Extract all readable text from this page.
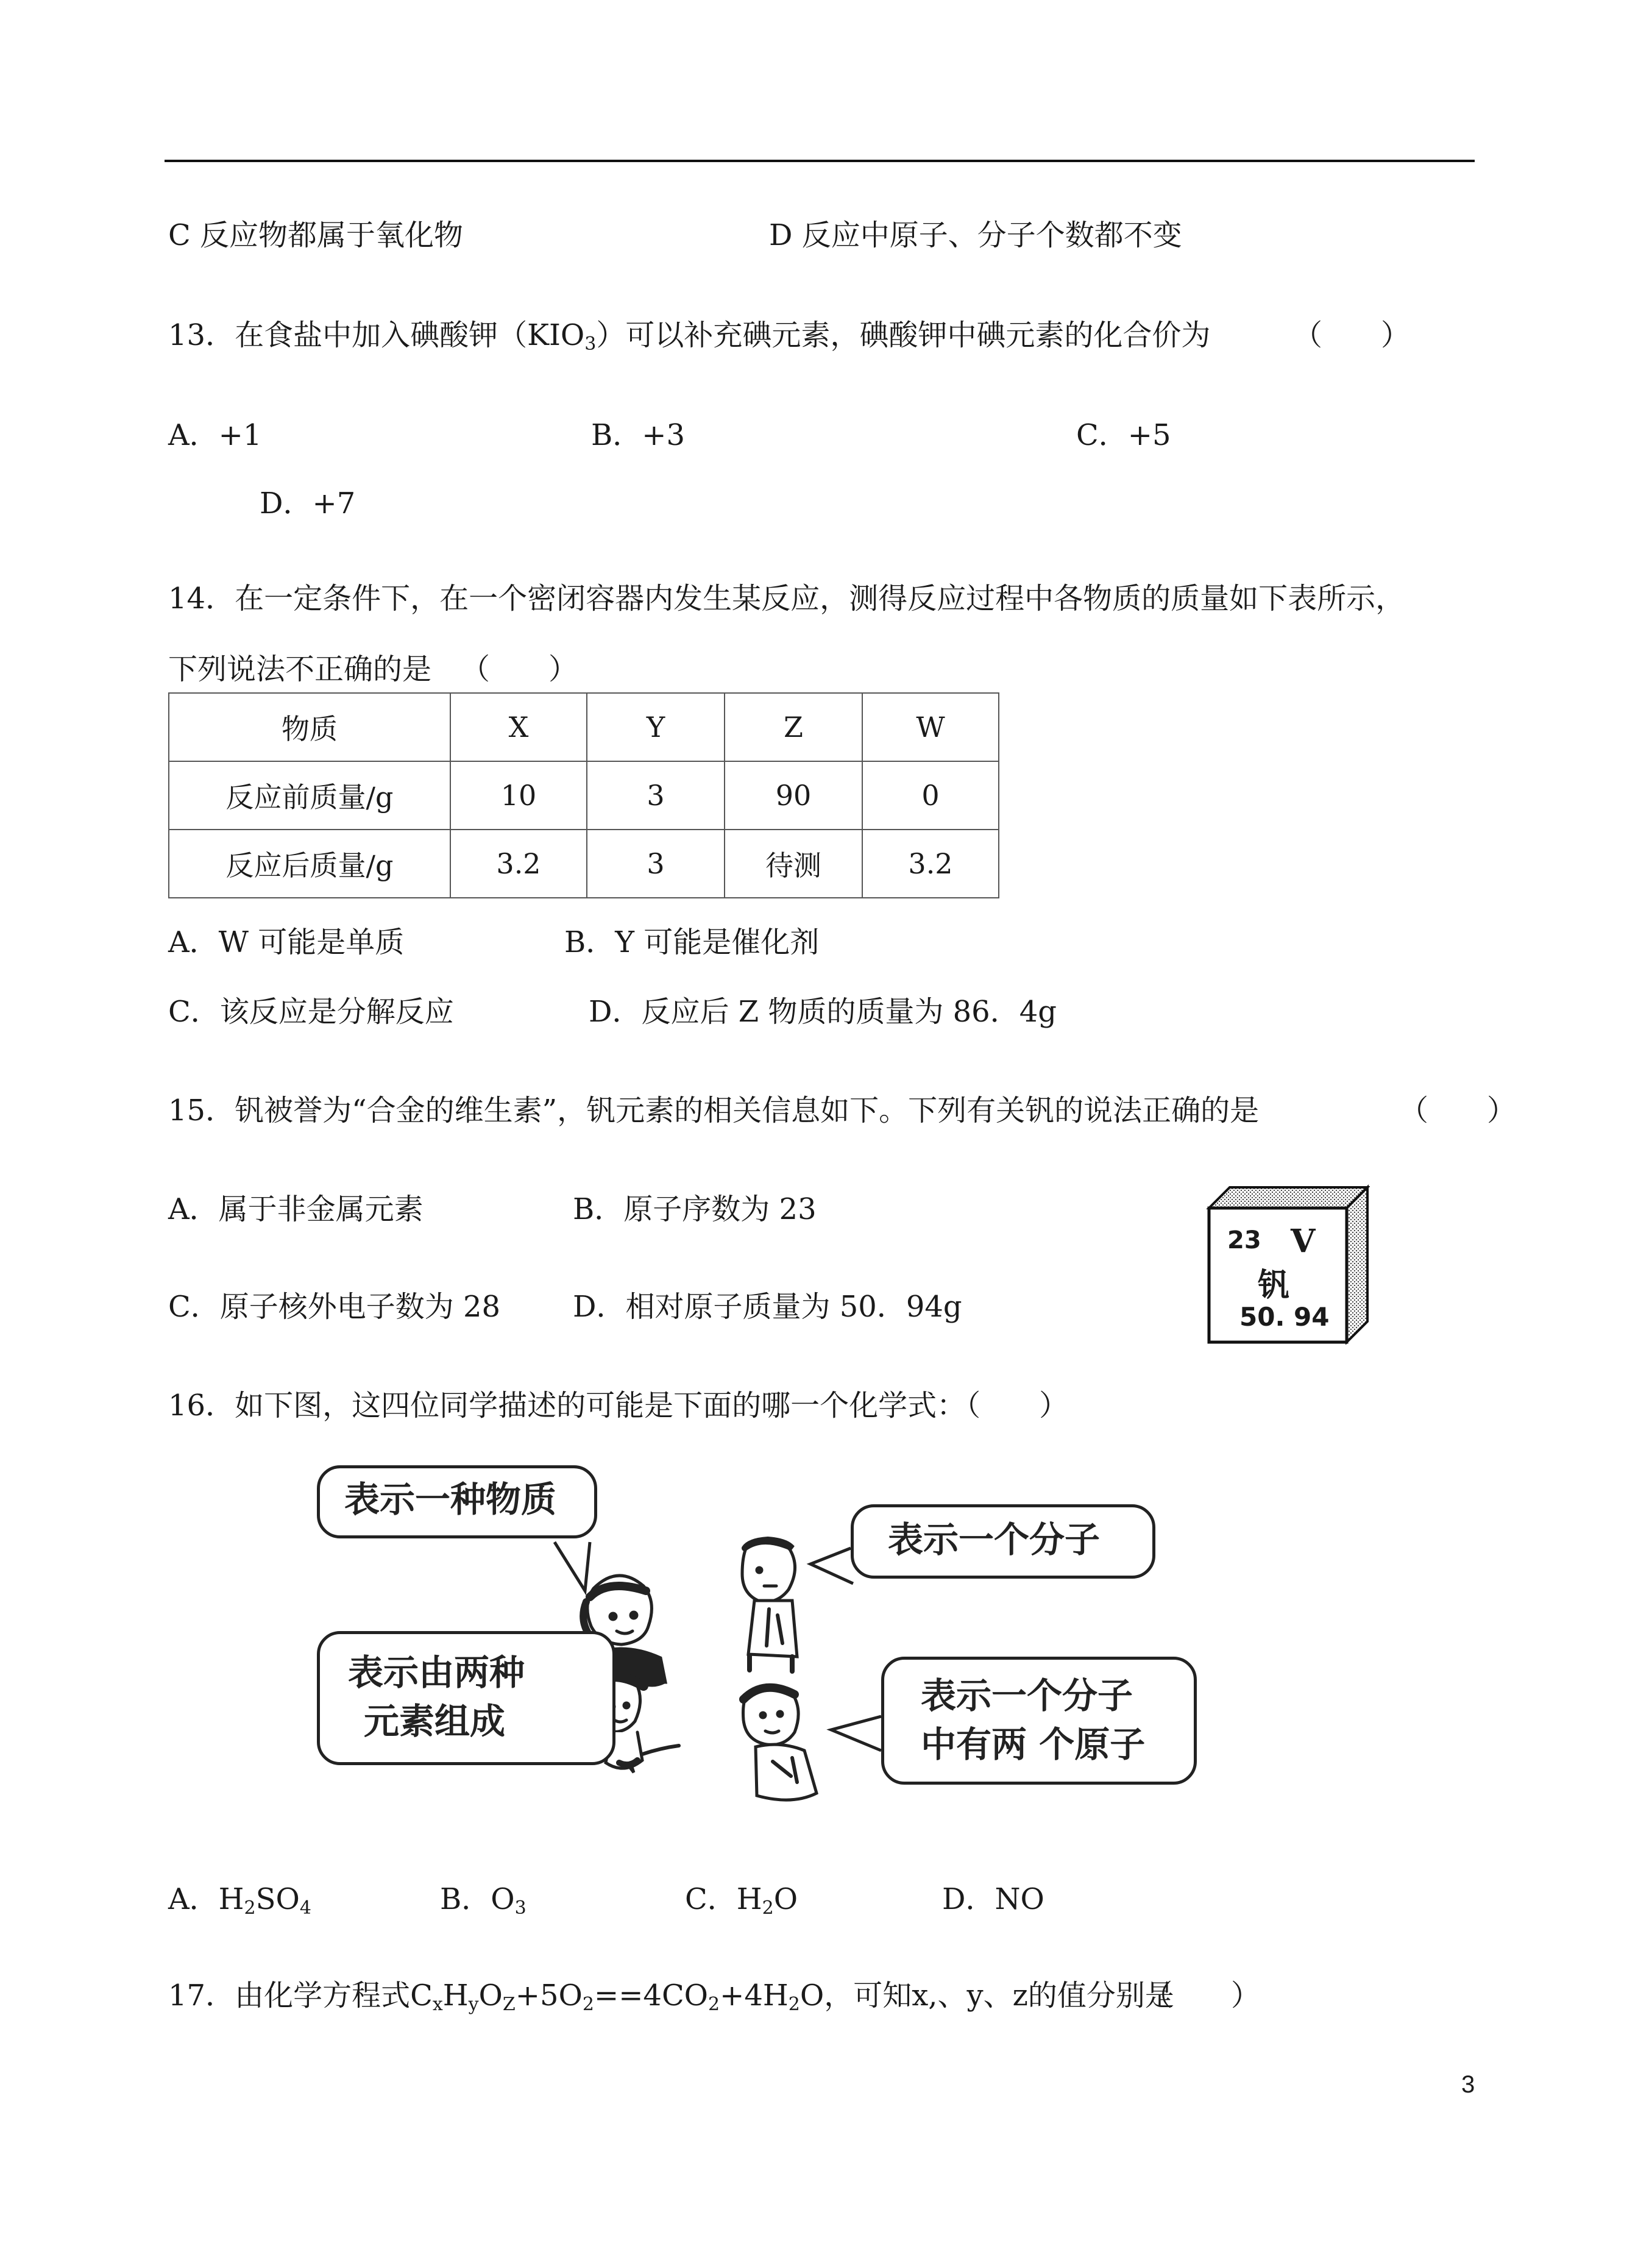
C 反应物都属于氧化物	D 反应中原子、分子个数都不变
13．在食盐中加入碘酸钾$(KIO_3)$可以补充碘元素，碘酸钾中碘元素的化合价为	（　　）
A．+1	B．+3	C．+5
D．+7
14．在一定条件下，在一个密闭容器内发生某反应，测得反应过程中各物质的质量如下表所示，
下列说法不正确的是 （　　）
物质	X	Y	Z	W
反应前质量/g	10	3	90	0
反应后质量/g	3.2	3	待测	3.2
A．W 可能是单质	B．Y 可能是催化剂
C．该反应是分解反应	D．反应后 Z 物质的质量为 86．4g
15．钒被誉为“合金的维生素”，钒元素的相关信息如下。下列有关钒的说法正确的是	（　　）
A．属于非金属元素	B．原子序数为 23
C．原子核外电子数为 28 D．相对原子质量为 50．94g
23 V
钒
50. 94
16．如下图，这四位同学描述的可能是下面的哪一个化学式：（　　）
表示一种物质
表示一个分子
表示由两种
元素组成
表示一个分子
中有两 个原子
A．$H_2SO_4$	B．$O_3$	C．$H_2O$	D．NO
17．由化学方程式$C_xH_yO_Z+5O_2==4CO_2+4H_2O$，可知x,、y、z的值分别是
（　　）
3
